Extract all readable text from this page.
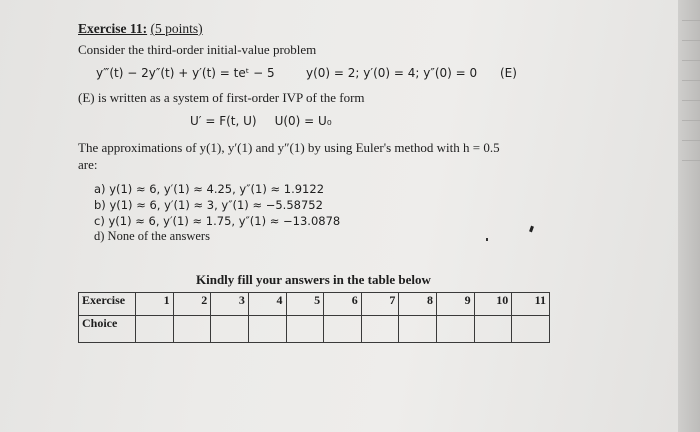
Exercise 11: (5 points)
Consider the third-order initial-value problem
y‴(t) − 2y″(t) + y′(t) = teᵗ − 5	y(0) = 2; y′(0) = 4; y″(0) = 0 (E)
(E) is written as a system of first-order IVP of the form
U′ = F(t, U) U(0) = U₀
The approximations of y(1), y′(1) and y″(1) by using Euler's method with h = 0.5
are:
a) y(1) ≈ 6, y′(1) ≈ 4.25, y″(1) ≈ 1.9122
b) y(1) ≈ 6, y′(1) ≈ 3, y″(1) ≈ −5.58752
c) y(1) ≈ 6, y′(1) ≈ 1.75, y″(1) ≈ −13.0878
d) None of the answers
Kindly fill your answers in the table below
Exercise	1	2	3	4	5	6	7	8	9	10	11
Choice											
